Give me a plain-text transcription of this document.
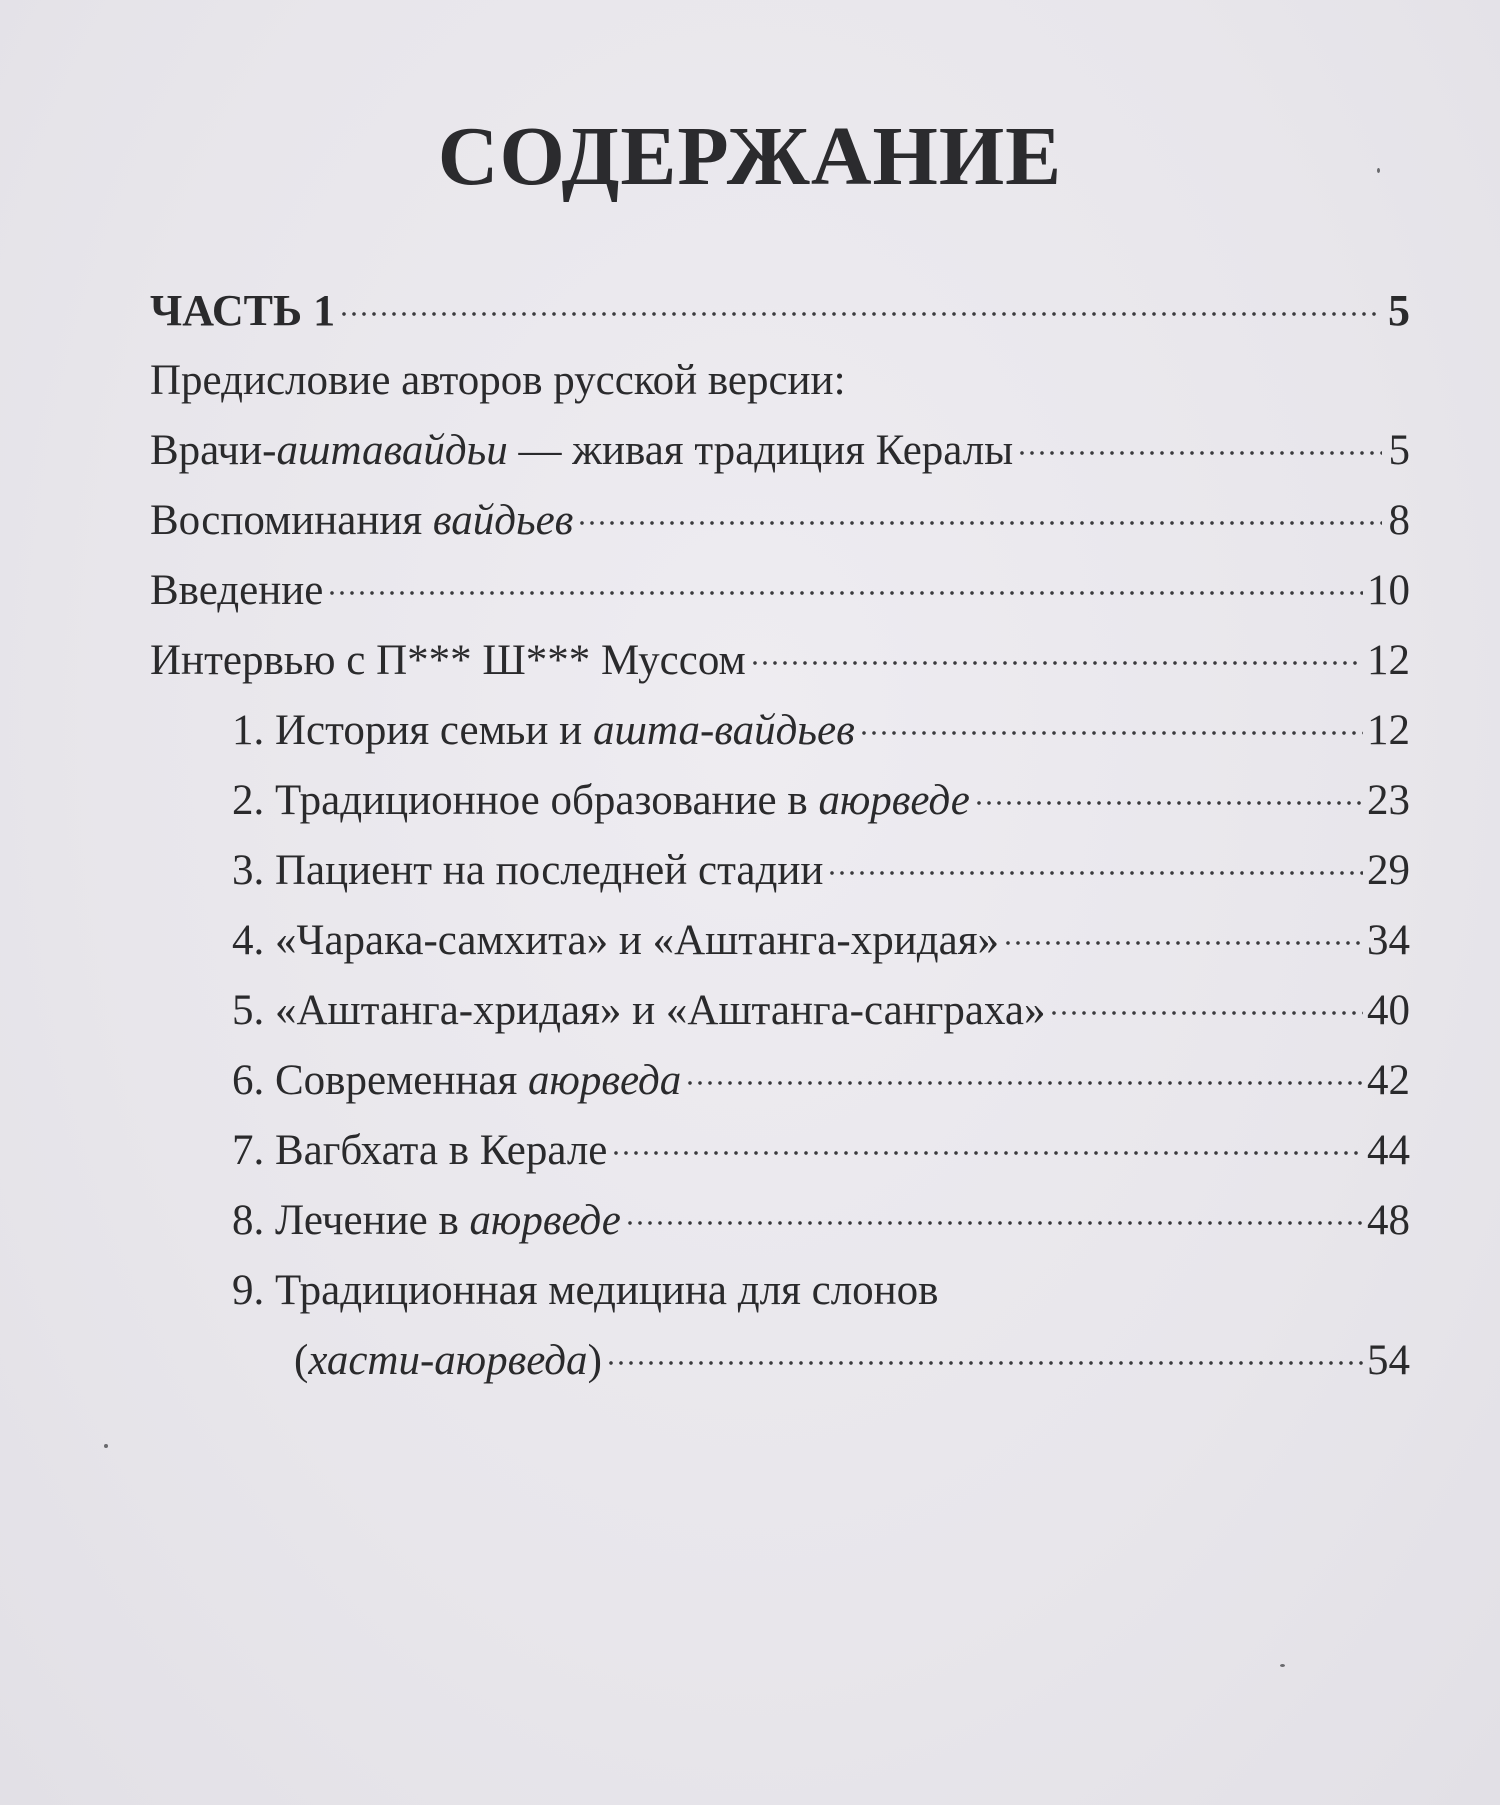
СОДЕРЖАНИЕ
ЧАСТЬ 1	5
Предисловие авторов русской версии:
Врачи-аштавайдьи — живая традиция Кералы	5
Воспоминания вайдьев	8
Введение	10
Интервью с П*** Ш*** Муссом	12
1. История семьи и ашта-вайдьев	12
2. Традиционное образование в аюрведе	23
3. Пациент на последней стадии	29
4. «Чарака-самхита» и «Аштанга-хридая»	34
5. «Аштанга-хридая» и «Аштанга-санграха»	40
6. Современная аюрведа	42
7. Вагбхата в Керале	44
8. Лечение в аюрведе	48
9. Традиционная медицина для слонов
(хасти-аюрведа)	54
